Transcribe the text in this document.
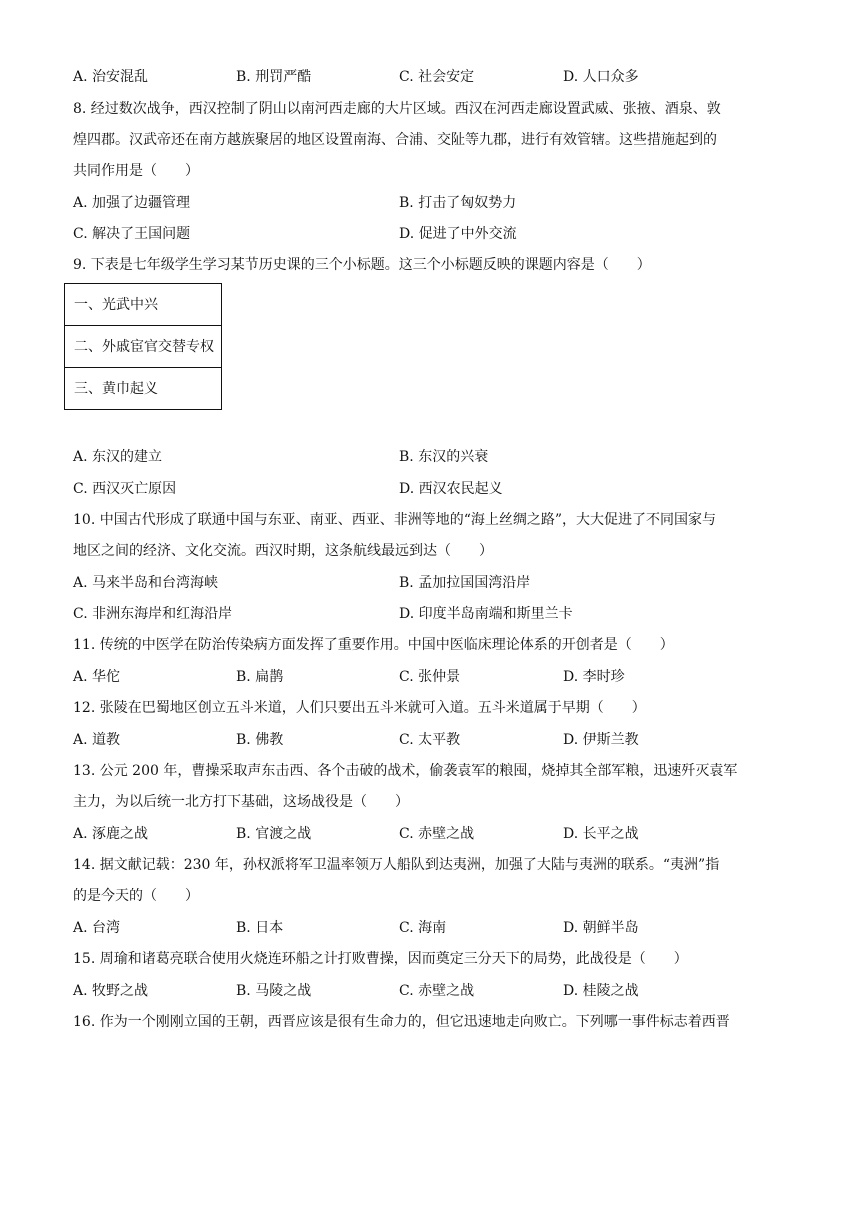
A. 治安混乱	B. 刑罚严酷	C. 社会安定	D. 人口众多
8. 经过数次战争，西汉控制了阴山以南河西走廊的大片区域。西汉在河西走廊设置武威、张掖、酒泉、敦
煌四郡。汉武帝还在南方越族聚居的地区设置南海、合浦、交阯等九郡，进行有效管辖。这些措施起到的
共同作用是（　　）
A. 加强了边疆管理	B. 打击了匈奴势力
C. 解决了王国问题	D. 促进了中外交流
9. 下表是七年级学生学习某节历史课的三个小标题。这三个小标题反映的课题内容是（　　）
一、光武中兴
二、外戚宦官交替专权
三、黄巾起义
A. 东汉的建立	B. 东汉的兴衰
C. 西汉灭亡原因	D. 西汉农民起义
10. 中国古代形成了联通中国与东亚、南亚、西亚、非洲等地的“海上丝绸之路”，大大促进了不同国家与
地区之间的经济、文化交流。西汉时期，这条航线最远到达（　　）
A. 马来半岛和台湾海峡	B. 孟加拉国国湾沿岸
C. 非洲东海岸和红海沿岸	D. 印度半岛南端和斯里兰卡
11. 传统的中医学在防治传染病方面发挥了重要作用。中国中医临床理论体系的开创者是（　　）
A. 华佗	B. 扁鹊	C. 张仲景	D. 李时珍
12. 张陵在巴蜀地区创立五斗米道，人们只要出五斗米就可入道。五斗米道属于早期（　　）
A. 道教	B. 佛教	C. 太平教	D. 伊斯兰教
13. 公元 200 年，曹操采取声东击西、各个击破的战术，偷袭袁军的粮囤，烧掉其全部军粮，迅速歼灭袁军
主力，为以后统一北方打下基础，这场战役是（　　）
A. 涿鹿之战	B. 官渡之战	C. 赤壁之战	D. 长平之战
14. 据文献记载：230 年，孙权派将军卫温率领万人船队到达夷洲，加强了大陆与夷洲的联系。“夷洲”指
的是今天的（　　）
A. 台湾	B. 日本	C. 海南	D. 朝鲜半岛
15. 周瑜和诸葛亮联合使用火烧连环船之计打败曹操，因而奠定三分天下的局势，此战役是（　　）
A. 牧野之战	B. 马陵之战	C. 赤壁之战	D. 桂陵之战
16. 作为一个刚刚立国的王朝，西晋应该是很有生命力的，但它迅速地走向败亡。下列哪一事件标志着西晋
